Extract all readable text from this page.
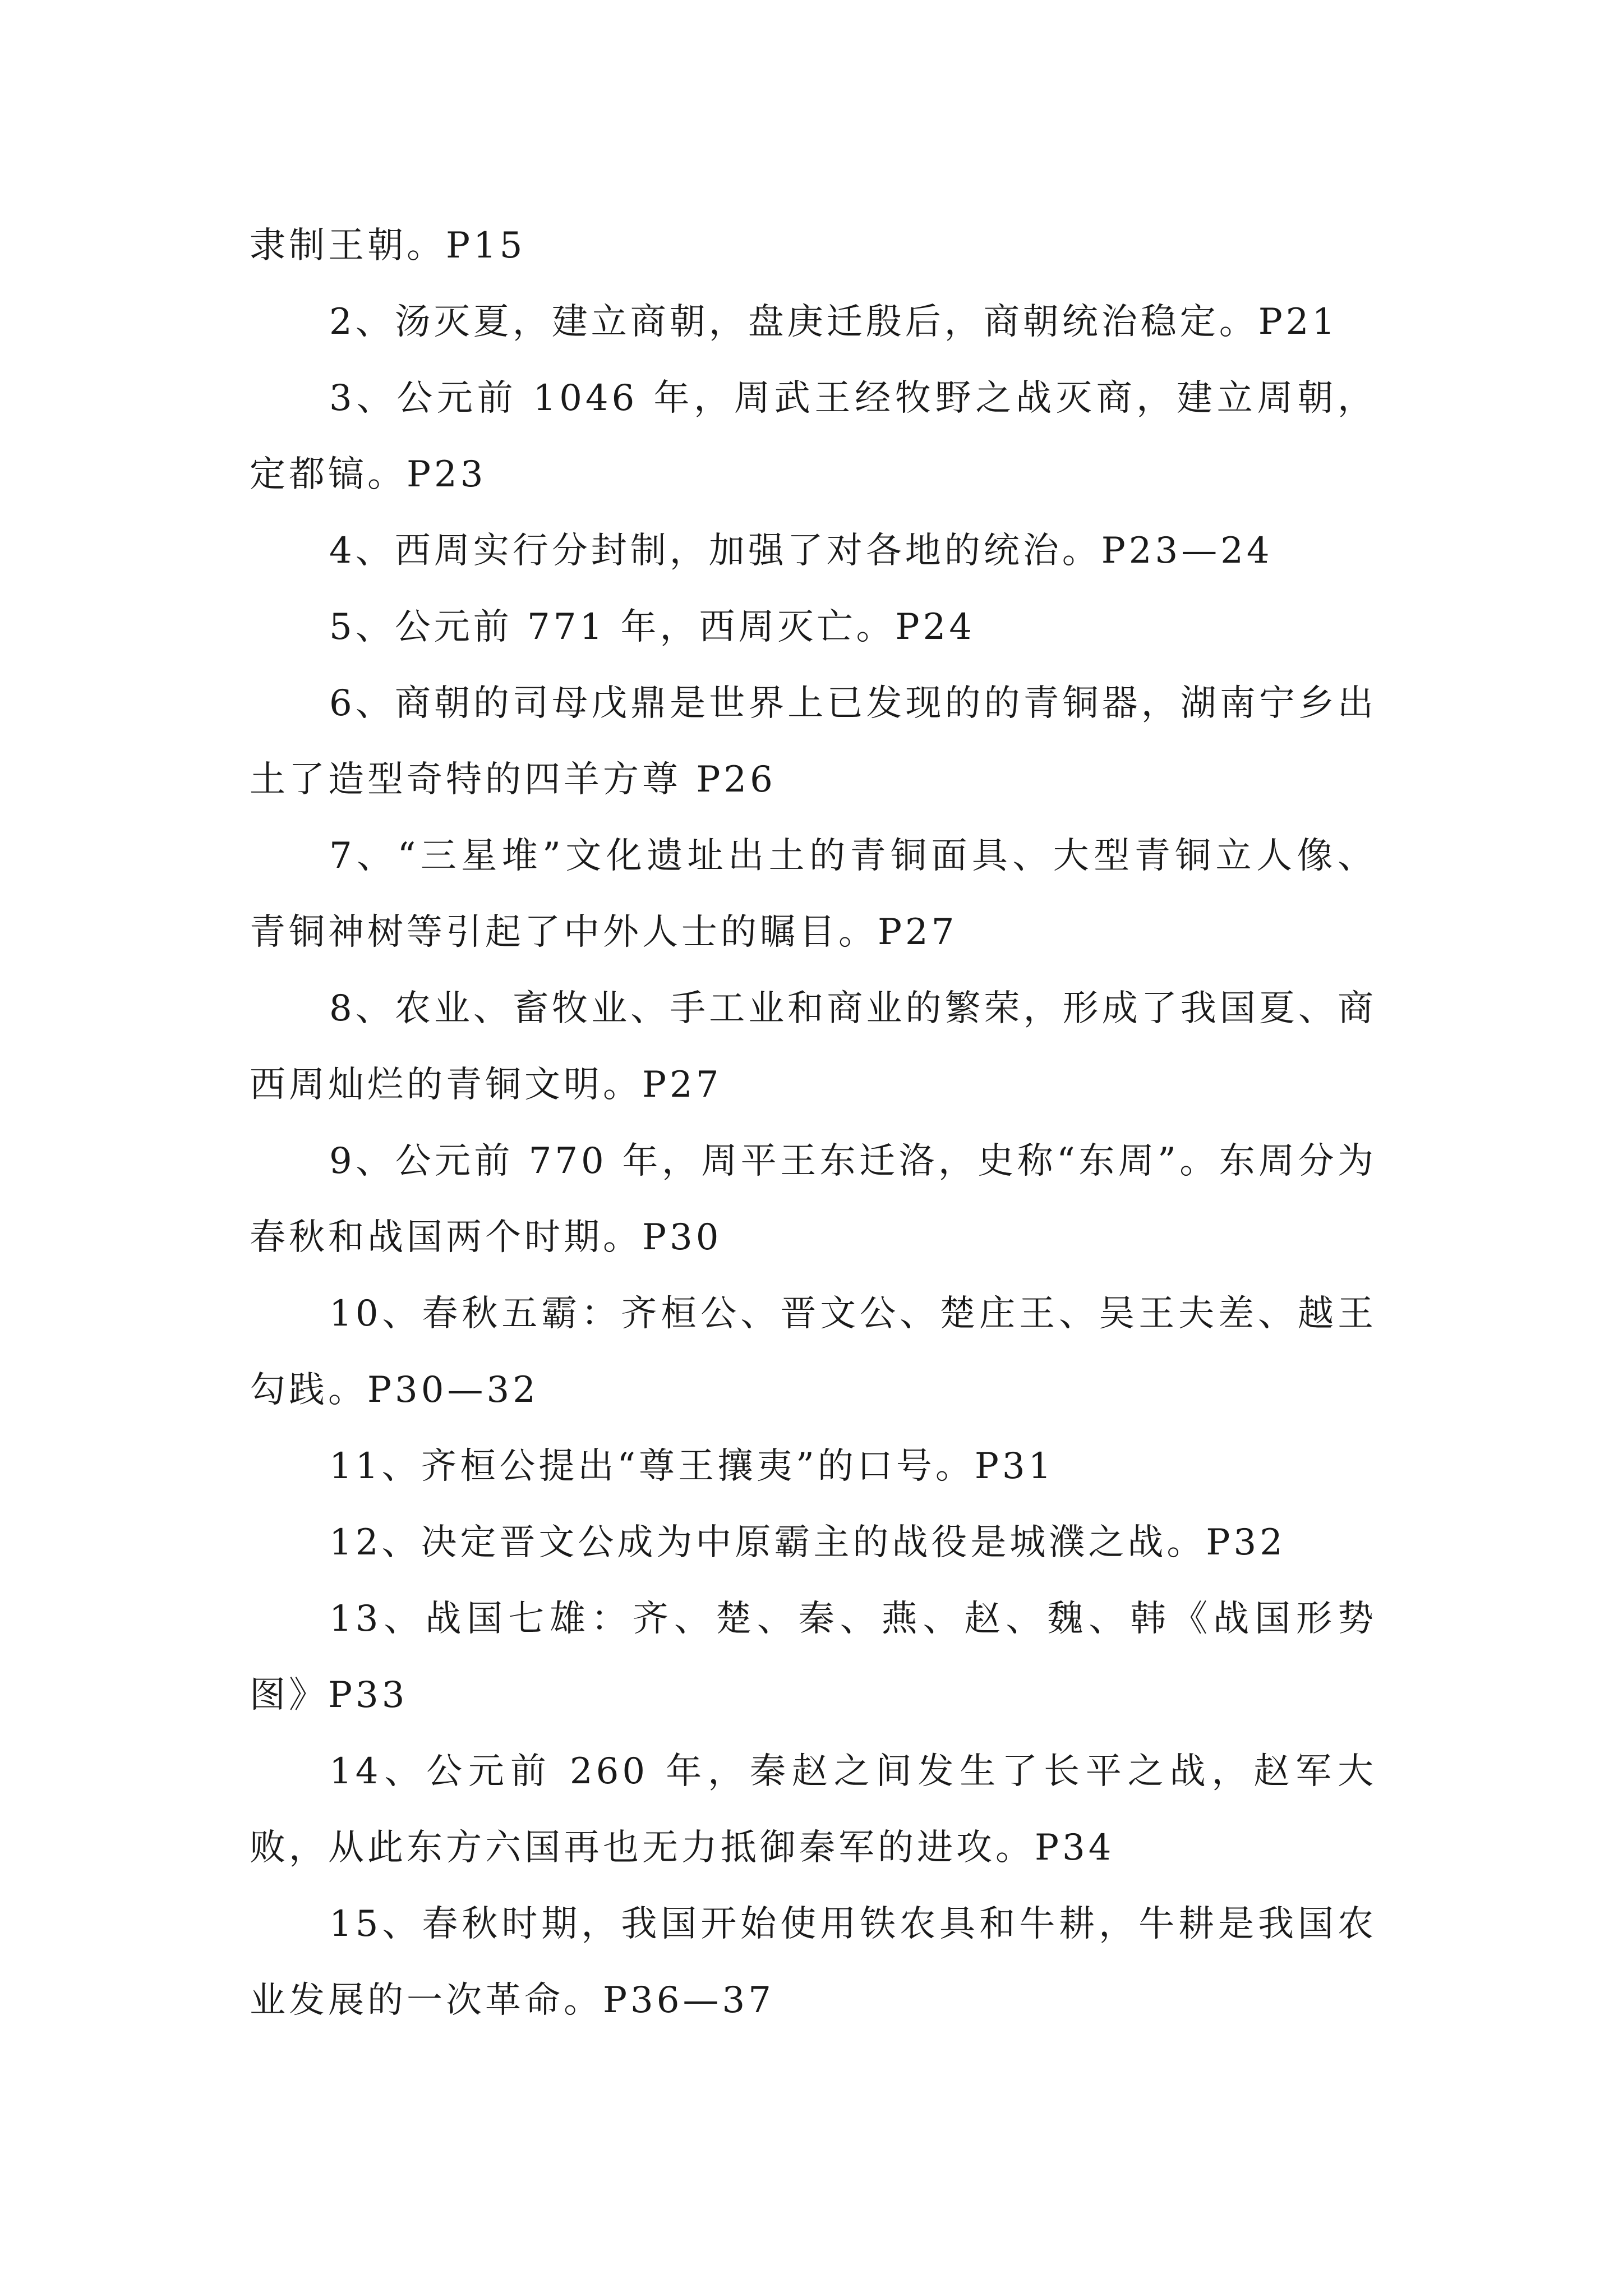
隶制王朝。P15

2、汤灭夏，建立商朝，盘庚迁殷后，商朝统治稳定。P21

3、公元前 1046 年，周武王经牧野之战灭商，建立周朝，定都镐。P23

4、西周实行分封制，加强了对各地的统治。P23—24

5、公元前 771 年，西周灭亡。P24

6、商朝的司母戊鼎是世界上已发现的的青铜器，湖南宁乡出土了造型奇特的四羊方尊 P26

7、“三星堆”文化遗址出土的青铜面具、大型青铜立人像、青铜神树等引起了中外人士的瞩目。P27

8、农业、畜牧业、手工业和商业的繁荣，形成了我国夏、商西周灿烂的青铜文明。P27

9、公元前 770 年，周平王东迁洛，史称“东周”。东周分为春秋和战国两个时期。P30

10、春秋五霸：齐桓公、晋文公、楚庄王、吴王夫差、越王勾践。P30—32

11、齐桓公提出“尊王攘夷”的口号。P31

12、决定晋文公成为中原霸主的战役是城濮之战。P32

13、战国七雄：齐、楚、秦、燕、赵、魏、韩《战国形势图》P33

14、公元前 260 年，秦赵之间发生了长平之战，赵军大败，从此东方六国再也无力抵御秦军的进攻。P34

15、春秋时期，我国开始使用铁农具和牛耕，牛耕是我国农业发展的一次革命。P36—37
